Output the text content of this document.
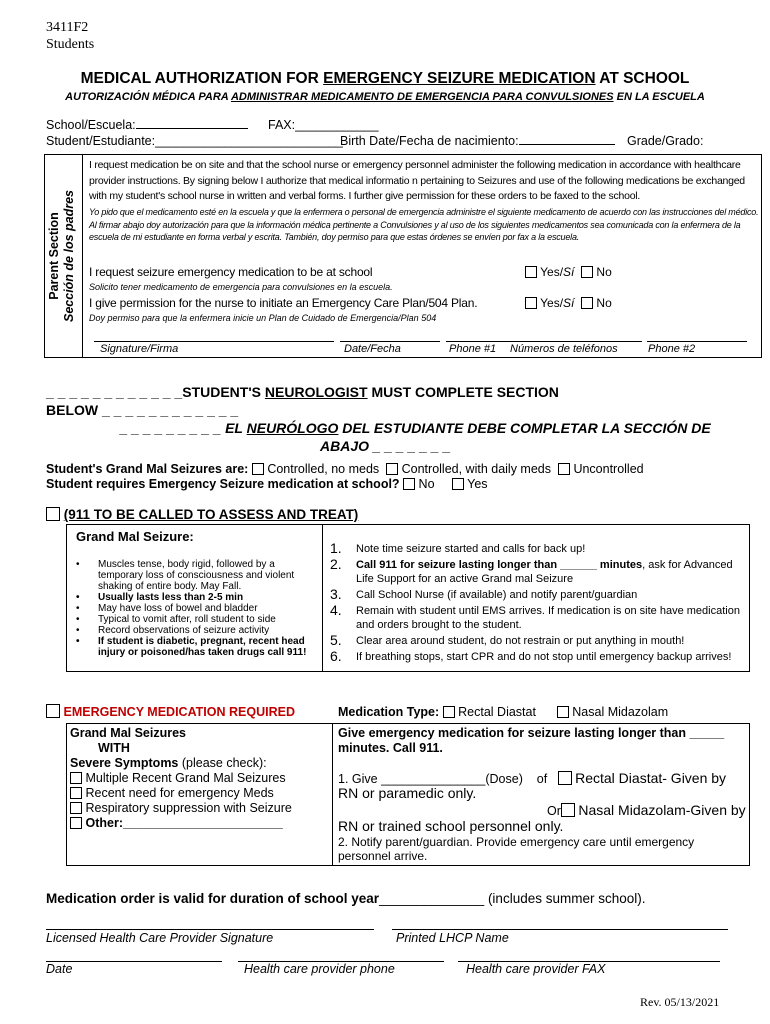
3411F2
Students
MEDICAL AUTHORIZATION FOR EMERGENCY SEIZURE MEDICATION AT SCHOOL
AUTORIZACIÓN MÉDICA PARA ADMINISTRAR MEDICAMENTO DE EMERGENCIA PARA CONVULSIONES EN LA ESCUELA
School/Escuela:	FAX:____________
Student/Estudiante:___________________________
Birth Date/Fecha de nacimiento:	Grade/Grado:
Parent Section Sección de los padres
I request medication be on site and that the school nurse or emergency personnel administer the following medication in accordance with healthcare provider instructions. By signing below I authorize that medical informatio n pertaining to Seizures and use of the following medications be exchanged with my student's school nurse in written and verbal forms. I further give permission for these orders to be faxed to the school.
Yo pido que el medicamento esté en la escuela y que la enfermera o personal de emergencia administre el siguiente medicamento de acuerdo con las instrucciones del médico. Al firmar abajo doy autorización para que la información médica pertinente a Convulsiones y al uso de los siguientes medicamentos sea comunicada con la enfermera de la escuela de mi estudiante en forma verbal y escrita. También, doy permiso para que estas órdenes se envíen por fax a la escuela.
I request seizure emergency medication to be at school
Solicito tener medicamento de emergencia para convulsiones en la escuela.
Yes/Sí No
I give permission for the nurse to initiate an Emergency Care Plan/504 Plan.
Doy permiso para que la enfermera inicie un Plan de Cuidado de Emergencia/Plan 504
Yes/Sí No
Signature/Firma	Date/Fecha	Phone #1 Números de teléfonos	Phone #2
_ _ _ _ _ _ _ _ _ _ _ _STUDENT'S NEUROLOGIST MUST COMPLETE SECTION
BELOW _ _ _ _ _ _ _ _ _ _ _ _
_ _ _ _ _ _ _ _ _ EL NEURÓLOGO DEL ESTUDIANTE DEBE COMPLETAR LA SECCIÓN DE
ABAJO _ _ _ _ _ _ _
Student's Grand Mal Seizures are: Controlled, no meds Controlled, with daily meds Uncontrolled
Student requires Emergency Seizure medication at school? No	Yes
(911 TO BE CALLED TO ASSESS AND TREAT)
Grand Mal Seizure:
• Muscles tense, body rigid, followed by a temporary loss of consciousness and violent shaking of entire body. May Fall.
• Usually lasts less than 2-5 min
• May have loss of bowel and bladder
• Typical to vomit after, roll student to side
• Record observations of seizure activity
• If student is diabetic, pregnant, recent head injury or poisoned/has taken drugs call 911!
1. Note time seizure started and calls for back up!
2. Call 911 for seizure lasting longer than ______ minutes, ask for Advanced Life Support for an active Grand mal Seizure
3. Call School Nurse (if available) and notify parent/guardian
4. Remain with student until EMS arrives. If medication is on site have medication and orders brought to the student.
5. Clear area around student, do not restrain or put anything in mouth!
6. If breathing stops, start CPR and do not stop until emergency backup arrives!
EMERGENCY MEDICATION REQUIRED	Medication Type: Rectal Diastat	Nasal Midazolam
Grand Mal Seizures
WITH
Severe Symptoms (please check):
Multiple Recent Grand Mal Seizures
Recent need for emergency Meds
Respiratory suppression with Seizure
Other:_______________________
Give emergency medication for seizure lasting longer than _____ minutes. Call 911.
1. Give _______________(Dose) of Rectal Diastat- Given by
RN or paramedic only.
Or Nasal Midazolam-Given by
RN or trained school personnel only.
2. Notify parent/guardian. Provide emergency care until emergency personnel arrive.
Medication order is valid for duration of school year______________ (includes summer school).
Licensed Health Care Provider Signature	Printed LHCP Name
Date	Health care provider phone	Health care provider FAX
Rev. 05/13/2021
